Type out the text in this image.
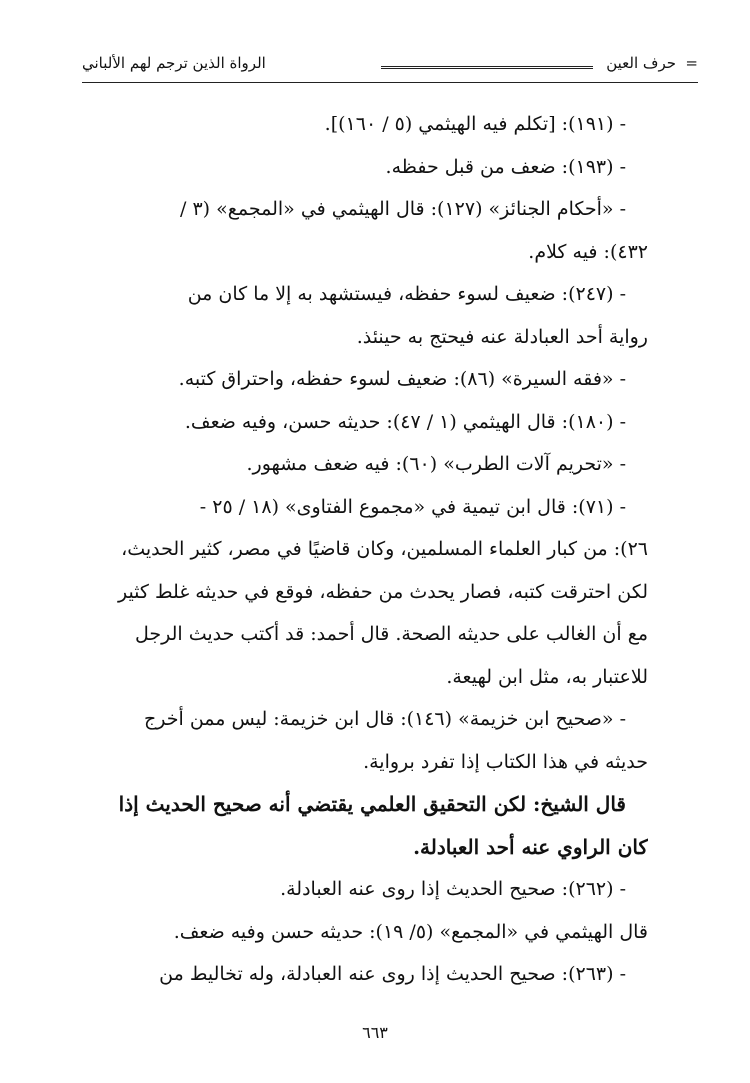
=
حرف العين
الرواة الذين ترجم لهم الألباني
- (١٩١): [تكلم فيه الهيثمي (٥ / ١٦٠)].
- (١٩٣): ضعف من قبل حفظه.
- «أحكام الجنائز» (١٢٧): قال الهيثمي في «المجمع» (٣ /
٤٣٢): فيه كلام.
- (٢٤٧): ضعيف لسوء حفظه، فيستشهد به إلا ما كان من
رواية أحد العبادلة عنه فيحتج به حينئذ.
- «فقه السيرة» (٨٦): ضعيف لسوء حفظه، واحتراق كتبه.
- (١٨٠): قال الهيثمي (١ / ٤٧): حديثه حسن، وفيه ضعف.
- «تحريم آلات الطرب» (٦٠): فيه ضعف مشهور.
- (٧١): قال ابن تيمية في «مجموع الفتاوى» (١٨ / ٢٥ -
٢٦): من كبار العلماء المسلمين، وكان قاضيًا في مصر، كثير الحديث،
لكن احترقت كتبه، فصار يحدث من حفظه، فوقع في حديثه غلط كثير
مع أن الغالب على حديثه الصحة. قال أحمد: قد أكتب حديث الرجل
للاعتبار به، مثل ابن لهيعة.
- «صحيح ابن خزيمة» (١٤٦): قال ابن خزيمة: ليس ممن أخرج
حديثه في هذا الكتاب إذا تفرد برواية.
قال الشيخ: لكن التحقيق العلمي يقتضي أنه صحيح الحديث إذا
كان الراوي عنه أحد العبادلة.
- (٢٦٢): صحيح الحديث إذا روى عنه العبادلة.
قال الهيثمي في «المجمع» (٥/ ١٩): حديثه حسن وفيه ضعف.
- (٢٦٣): صحيح الحديث إذا روى عنه العبادلة، وله تخاليط من
٦٦٣
